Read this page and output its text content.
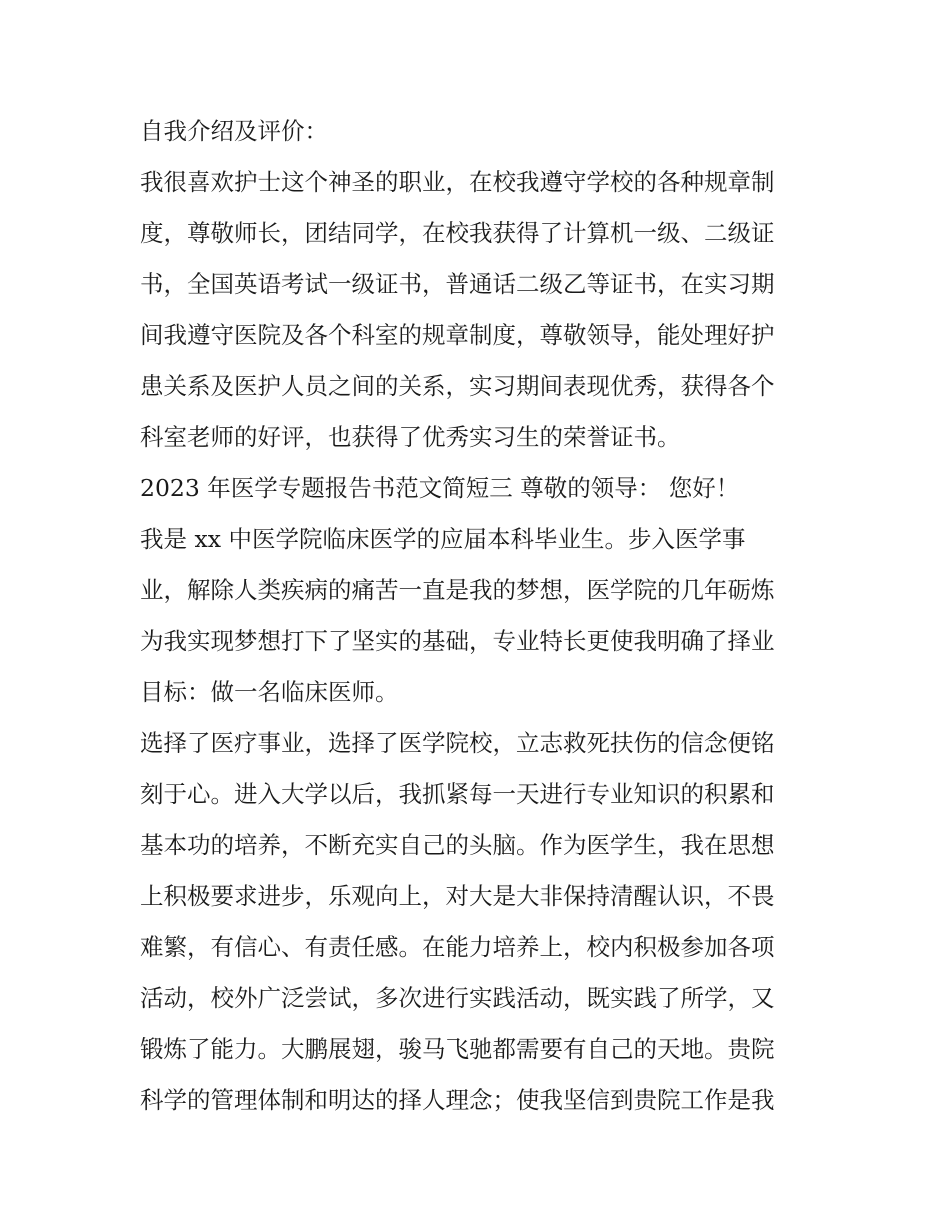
自我介绍及评价：
我很喜欢护士这个神圣的职业，在校我遵守学校的各种规章制
度，尊敬师长，团结同学，在校我获得了计算机一级、二级证
书，全国英语考试一级证书，普通话二级乙等证书，在实习期
间我遵守医院及各个科室的规章制度，尊敬领导，能处理好护
患关系及医护人员之间的关系，实习期间表现优秀，获得各个
科室老师的好评，也获得了优秀实习生的荣誉证书。
2023 年医学专题报告书范文简短三 尊敬的领导： 您好！
我是 xx 中医学院临床医学的应届本科毕业生。步入医学事
业，解除人类疾病的痛苦一直是我的梦想，医学院的几年砺炼
为我实现梦想打下了坚实的基础，专业特长更使我明确了择业
目标：做一名临床医师。
选择了医疗事业，选择了医学院校，立志救死扶伤的信念便铭
刻于心。进入大学以后，我抓紧每一天进行专业知识的积累和
基本功的培养，不断充实自己的头脑。作为医学生，我在思想
上积极要求进步，乐观向上，对大是大非保持清醒认识，不畏
难繁，有信心、有责任感。在能力培养上，校内积极参加各项
活动，校外广泛尝试，多次进行实践活动，既实践了所学，又
锻炼了能力。大鹏展翅，骏马飞驰都需要有自己的天地。贵院
科学的管理体制和明达的择人理念；使我坚信到贵院工作是我
